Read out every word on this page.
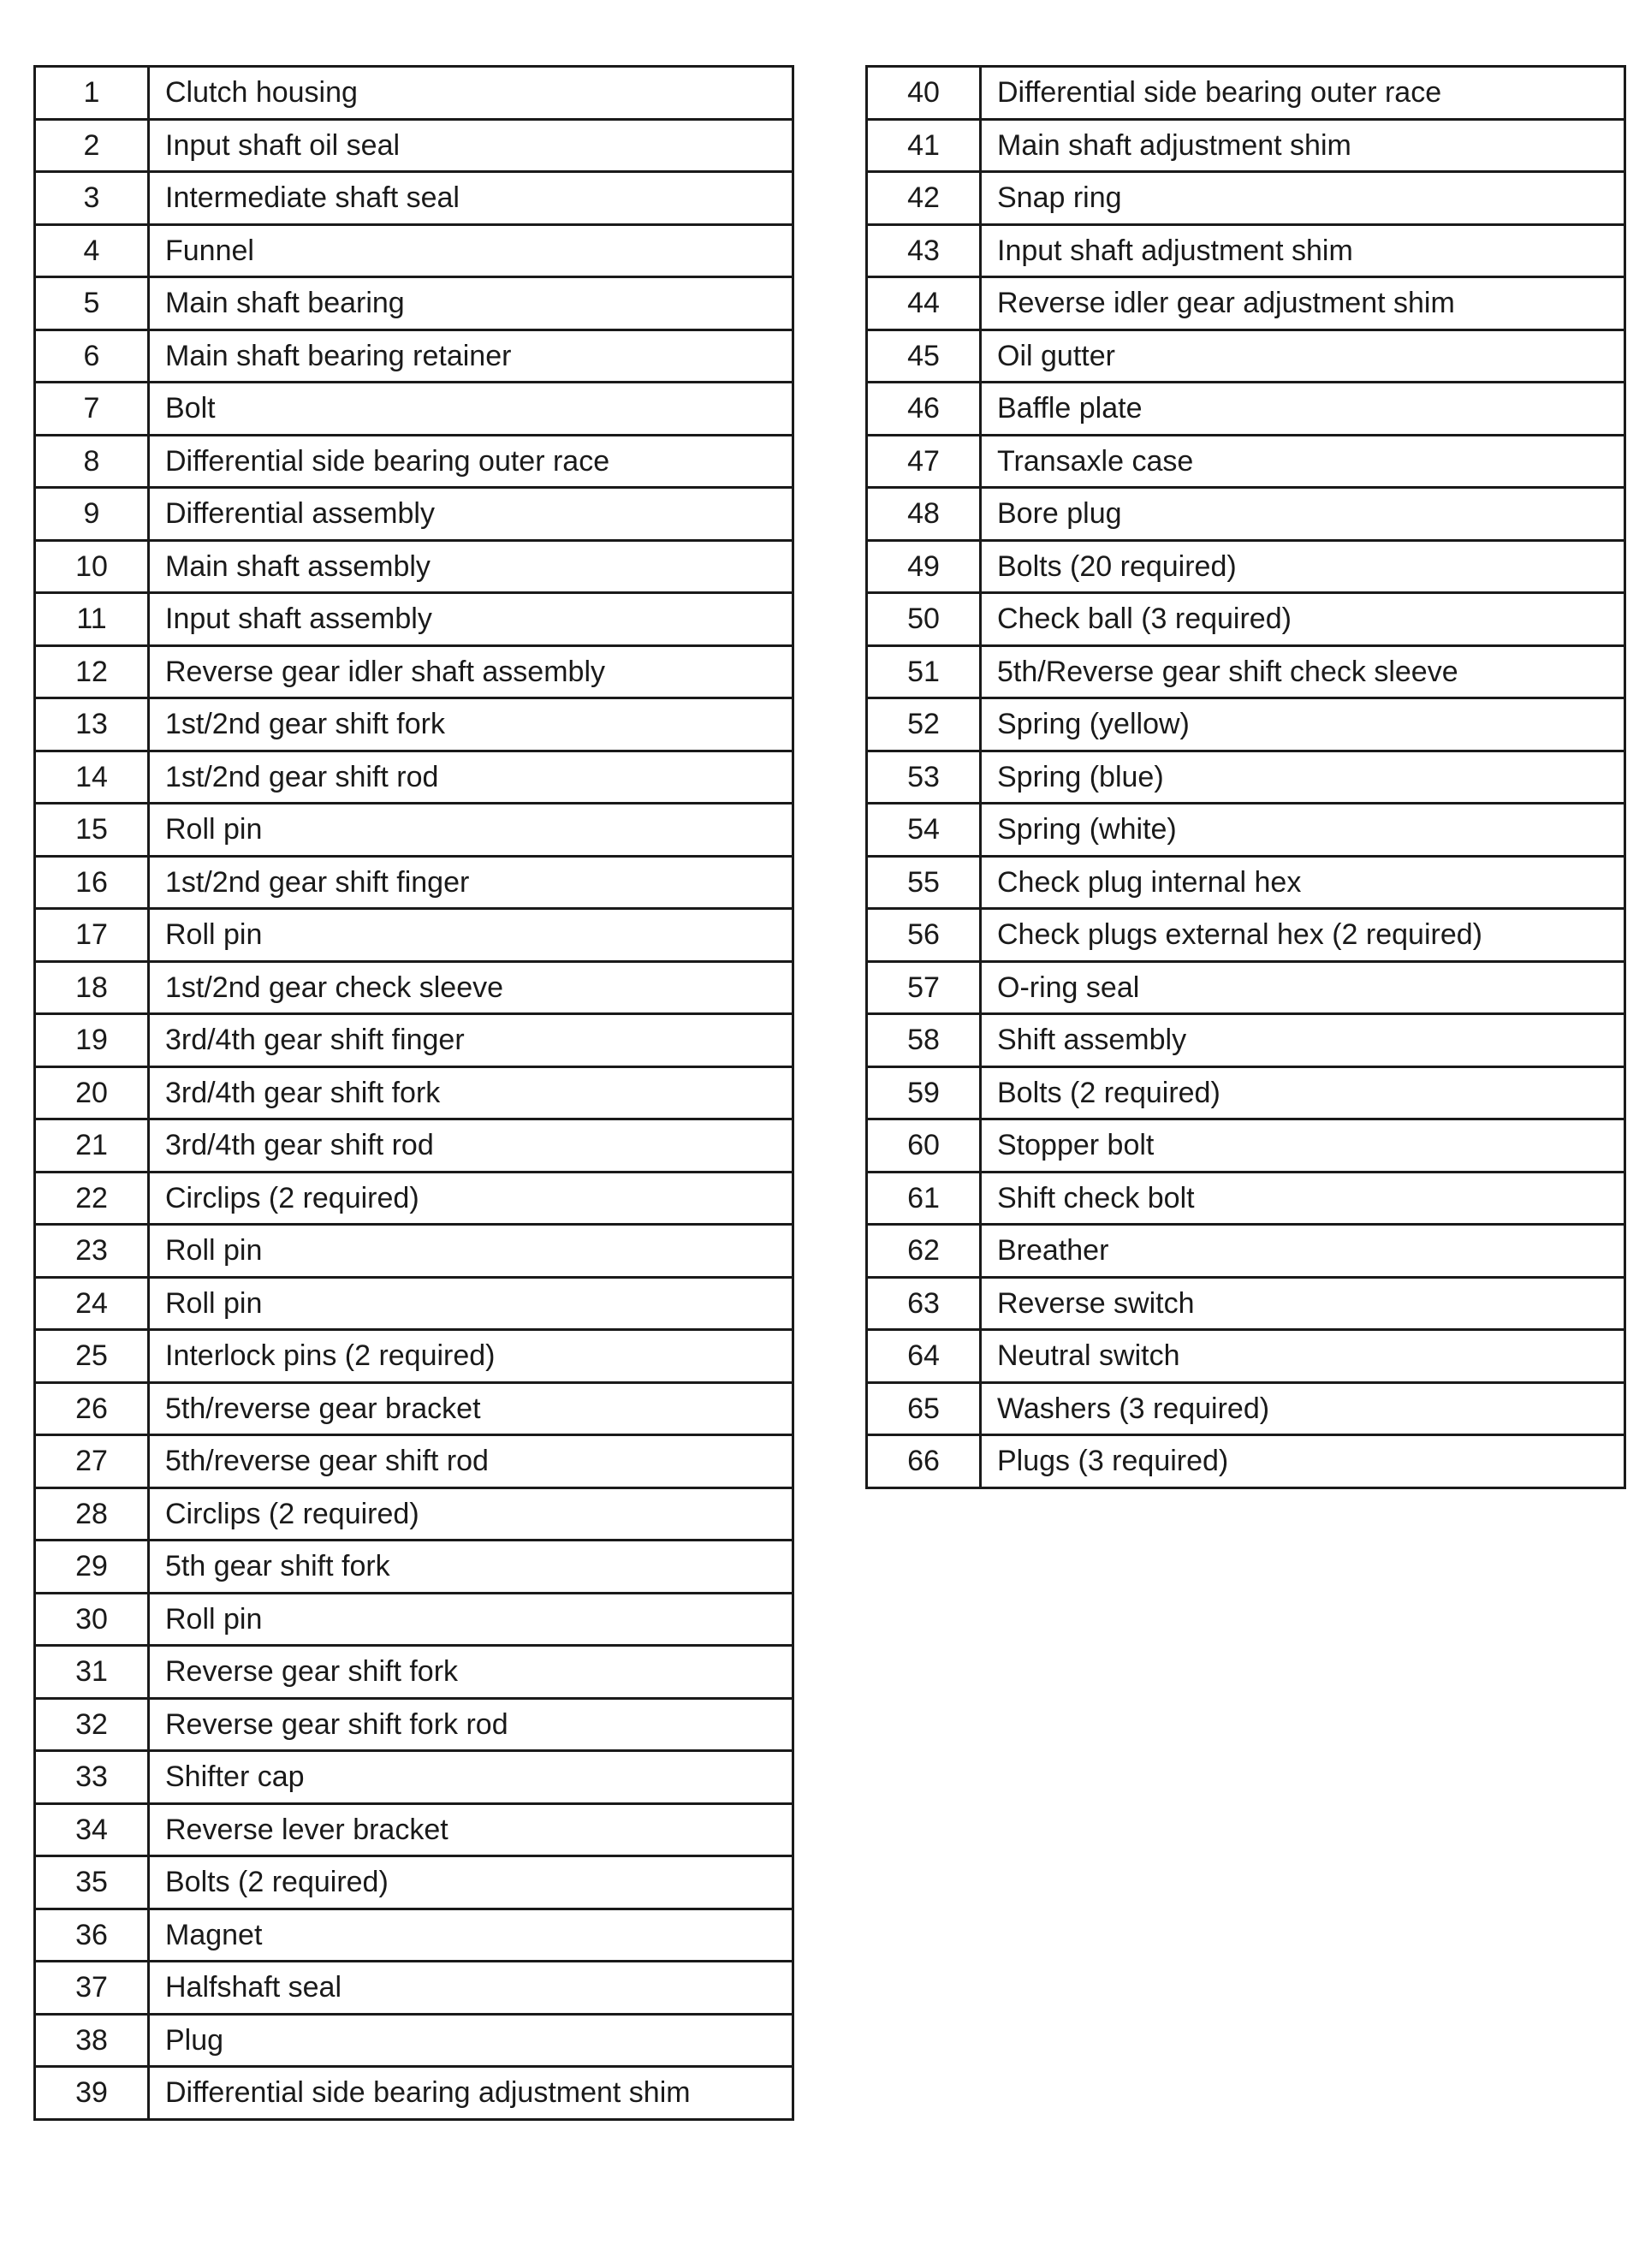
1	Clutch housing
2	Input shaft oil seal
3	Intermediate shaft seal
4	Funnel
5	Main shaft bearing
6	Main shaft bearing retainer
7	Bolt
8	Differential side bearing outer race
9	Differential assembly
10	Main shaft assembly
11	Input shaft assembly
12	Reverse gear idler shaft assembly
13	1st/2nd gear shift fork
14	1st/2nd gear shift rod
15	Roll pin
16	1st/2nd gear shift finger
17	Roll pin
18	1st/2nd gear check sleeve
19	3rd/4th gear shift finger
20	3rd/4th gear shift fork
21	3rd/4th gear shift rod
22	Circlips (2 required)
23	Roll pin
24	Roll pin
25	Interlock pins (2 required)
26	5th/reverse gear bracket
27	5th/reverse gear shift rod
28	Circlips (2 required)
29	5th gear shift fork
30	Roll pin
31	Reverse gear shift fork
32	Reverse gear shift fork rod
33	Shifter cap
34	Reverse lever bracket
35	Bolts (2 required)
36	Magnet
37	Halfshaft seal
38	Plug
39	Differential side bearing adjustment shim
40	Differential side bearing outer race
41	Main shaft adjustment shim
42	Snap ring
43	Input shaft adjustment shim
44	Reverse idler gear adjustment shim
45	Oil gutter
46	Baffle plate
47	Transaxle case
48	Bore plug
49	Bolts (20 required)
50	Check ball (3 required)
51	5th/Reverse gear shift check sleeve
52	Spring (yellow)
53	Spring (blue)
54	Spring (white)
55	Check plug internal hex
56	Check plugs external hex (2 required)
57	O-ring seal
58	Shift assembly
59	Bolts (2 required)
60	Stopper bolt
61	Shift check bolt
62	Breather
63	Reverse switch
64	Neutral switch
65	Washers (3 required)
66	Plugs (3 required)
